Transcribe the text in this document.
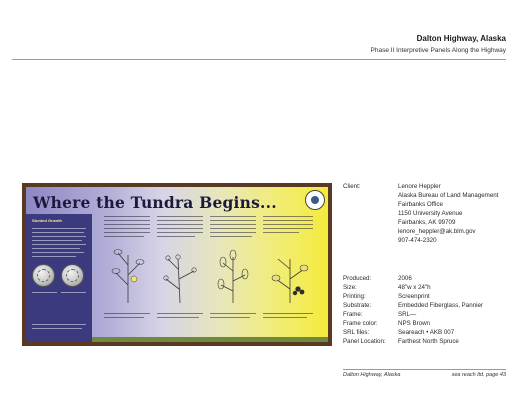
Dalton Highway, Alaska
Phase II Interpretive Panels Along the Highway
Where the Tundra Begins...
Stunted Growth
Client:	Lenore Heppler
Alaska Bureau of Land Management
Fairbanks Office
1150 University Avenue
Fairbanks, AK 99709
lenore_heppler@ak.blm.gov
907-474-2320
Produced:	2006
Size:	48"w x 24"h
Printing:	Screenprint
Substrate:	Embedded Fiberglass, Pannier
Frame:	SRL—
Frame color:	NPS Brown
SRL files:	Seareach • AKB 007
Panel Location: Farthest North Spruce
Dalton Highway, Alaska	sea reach ltd. page 43
